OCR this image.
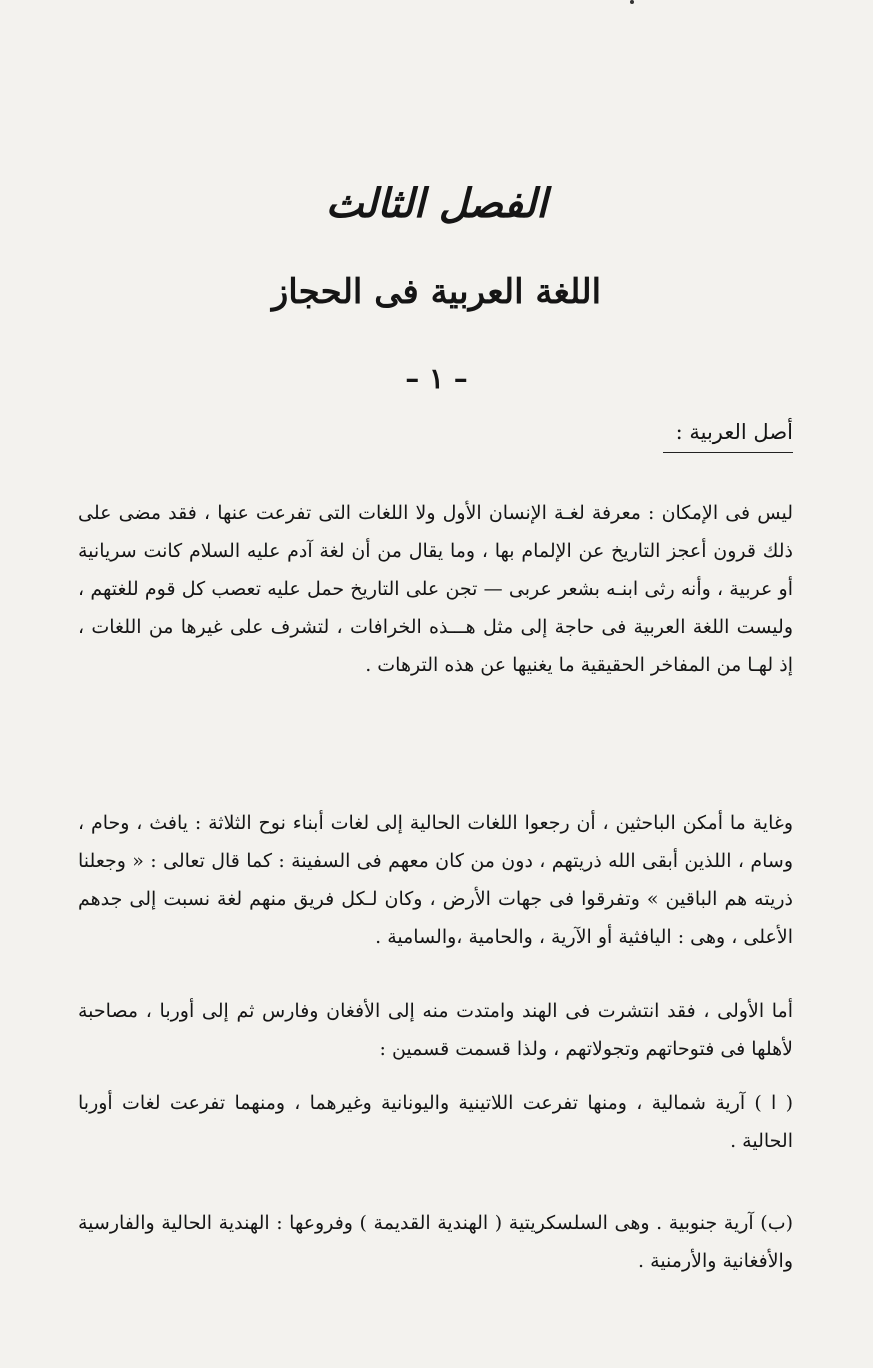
الفصل الثالث
اللغة العربية فى الحجاز
– ١ –
أصل العربية :
ليس فى الإمكان : معرفة لغـة الإنسان الأول ولا اللغات التى تفرعت عنها ، فقد مضى على ذلك قرون أعجز التاريخ عن الإلمام بها ، وما يقال من أن لغة آدم عليه السلام كانت سريانية أو عربية ، وأنه رثى ابنـه بشعر عربى — تجن على التاريخ حمل عليه تعصب كل قوم للغتهم ، وليست اللغة العربية فى حاجة إلى مثل هـــذه الخرافات ، لتشرف على غيرها من اللغات ، إذ لهـا من المفاخر الحقيقية ما يغنيها عن هذه الترهات .
وغاية ما أمكن الباحثين ، أن رجعوا اللغات الحالية إلى لغات أبناء نوح الثلاثة : يافث ، وحام ، وسام ، اللذين أبقى الله ذريتهم ، دون من كان معهم فى السفينة : كما قال تعالى : « وجعلنا ذريته هم الباقين » وتفرقوا فى جهات الأرض ، وكان لـكل فريق منهم لغة نسبت إلى جدهم الأعلى ، وهى : اليافثية أو الآرية ، والحامية ،والسامية .
أما الأولى ، فقد انتشرت فى الهند وامتدت منه إلى الأفغان وفارس ثم إلى أوربا ، مصاحبة لأهلها فى فتوحاتهم وتجولاتهم ، ولذا قسمت قسمين :
( ا ) آرية شمالية ، ومنها تفرعت اللاتينية واليونانية وغيرهما ، ومنهما تفرعت لغات أوربا الحالية .
(ب) آرية جنوبية . وهى السلسكريتية ( الهندية القديمة ) وفروعها : الهندية الحالية والفارسية والأفغانية والأرمنية .
